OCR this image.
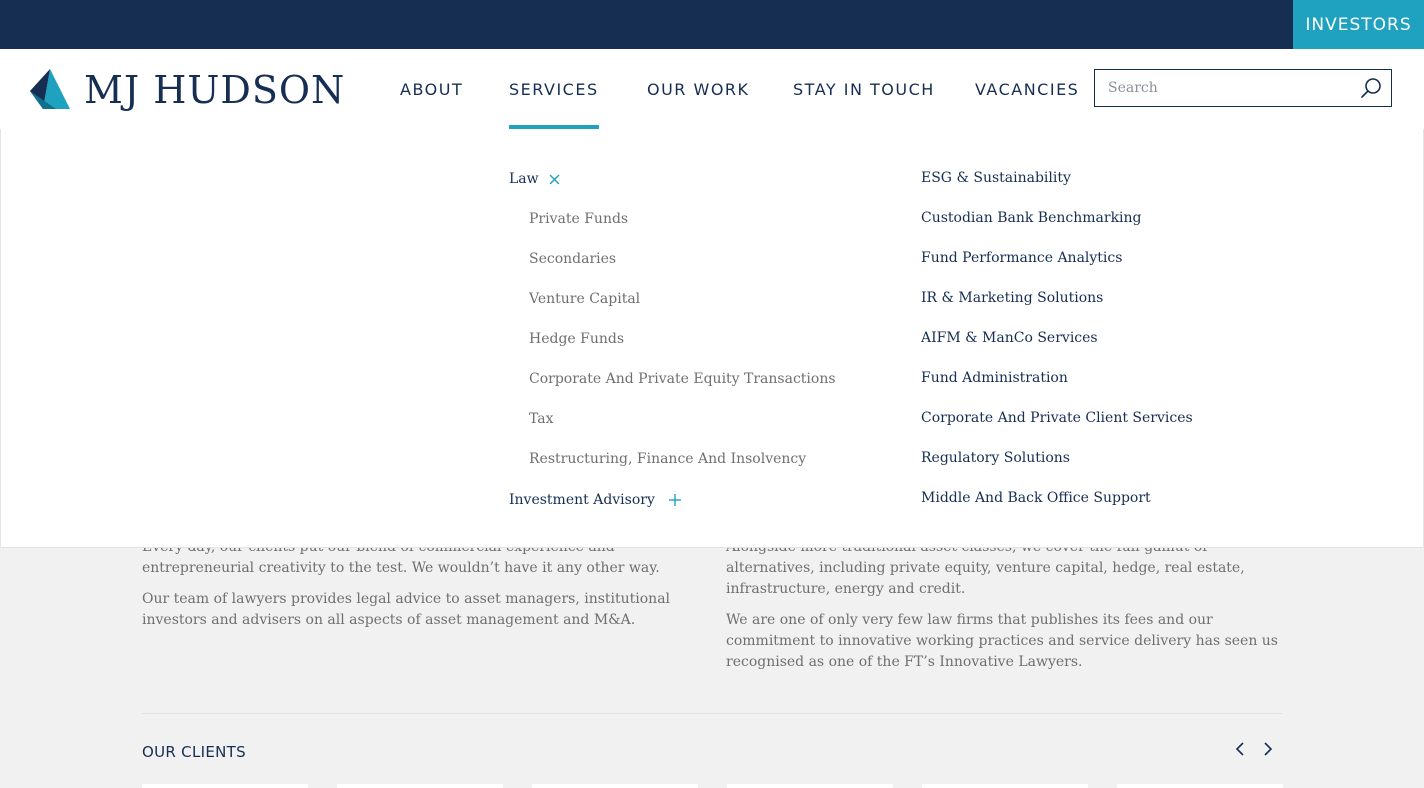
INVESTORS
MJ HUDSON	ABOUT	SERVICES	OUR WORK	STAY IN TOUCH	VACANCIES
Search

entrepreneurial creativity to the test. We wouldn’t have it any other way.

Our team of lawyers provides legal advice to asset managers, institutional investors and advisers on all aspects of asset management and M&A.

alternatives, including private equity, venture capital, hedge, real estate, infrastructure, energy and credit.

We are one of only very few law firms that publishes its fees and our commitment to innovative working practices and service delivery has seen us recognised as one of the FT’s Innovative Lawyers.

OUR CLIENTS
Law
Private Funds
Secondaries
Venture Capital
Hedge Funds
Corporate And Private Equity Transactions
Tax
Restructuring, Finance And Insolvency
Investment Advisory
ESG & Sustainability
Custodian Bank Benchmarking
Fund Performance Analytics
IR & Marketing Solutions
AIFM & ManCo Services
Fund Administration
Corporate And Private Client Services
Regulatory Solutions
Middle And Back Office Support
